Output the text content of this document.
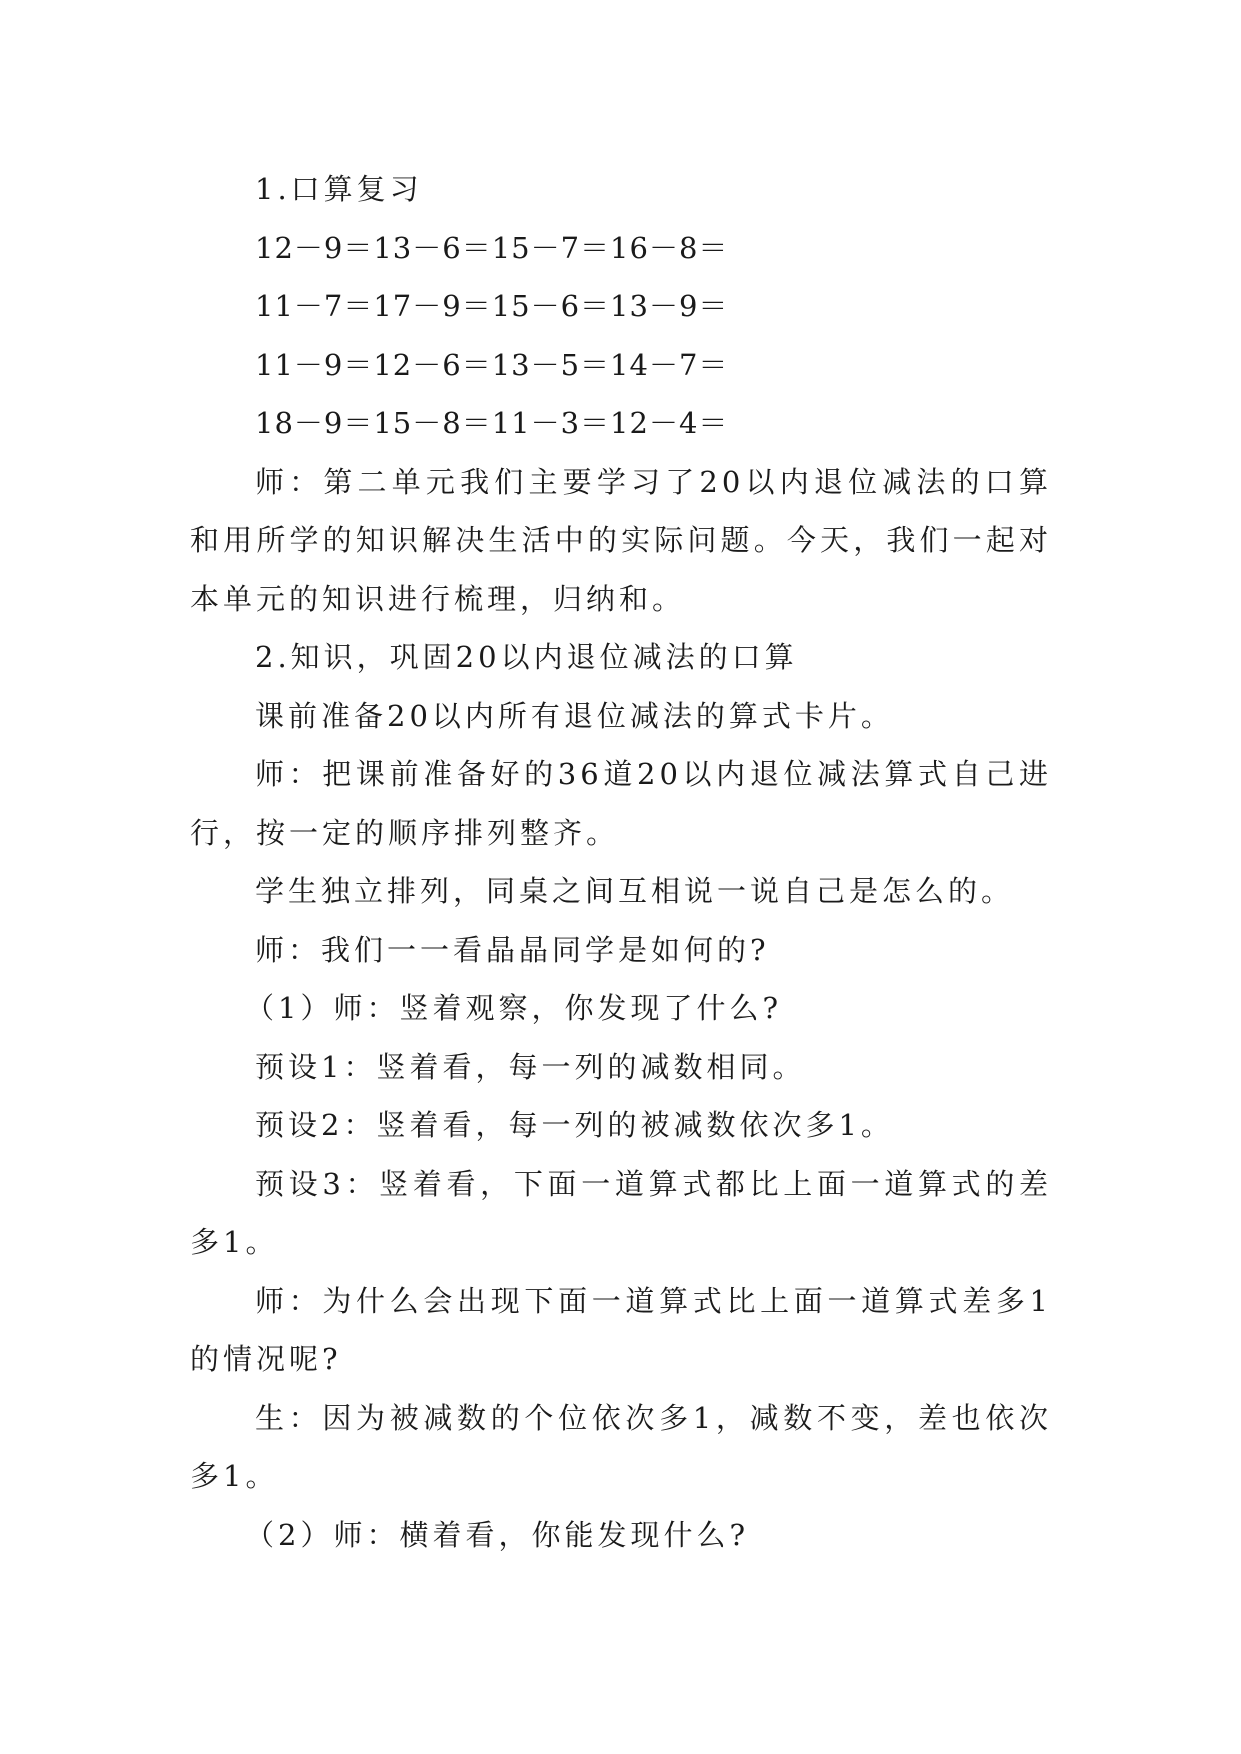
1.口算复习

12－9＝13－6＝15－7＝16－8＝

11－7＝17－9＝15－6＝13－9＝

11－9＝12－6＝13－5＝14－7＝

18－9＝15－8＝11－3＝12－4＝

师：第二单元我们主要学习了20以内退位减法的口算和用所学的知识解决生活中的实际问题。今天，我们一起对本单元的知识进行梳理，归纳和。

2.知识，巩固20以内退位减法的口算

课前准备20以内所有退位减法的算式卡片。

师：把课前准备好的36道20以内退位减法算式自己进行，按一定的顺序排列整齐。

学生独立排列，同桌之间互相说一说自己是怎么的。

师：我们一一看晶晶同学是如何的?

（1）师：竖着观察，你发现了什么?

预设1：竖着看，每一列的减数相同。

预设2：竖着看，每一列的被减数依次多1。

预设3：竖着看，下面一道算式都比上面一道算式的差多1。

师：为什么会出现下面一道算式比上面一道算式差多1的情况呢?

生：因为被减数的个位依次多1，减数不变，差也依次多1。

（2）师：横着看，你能发现什么?
